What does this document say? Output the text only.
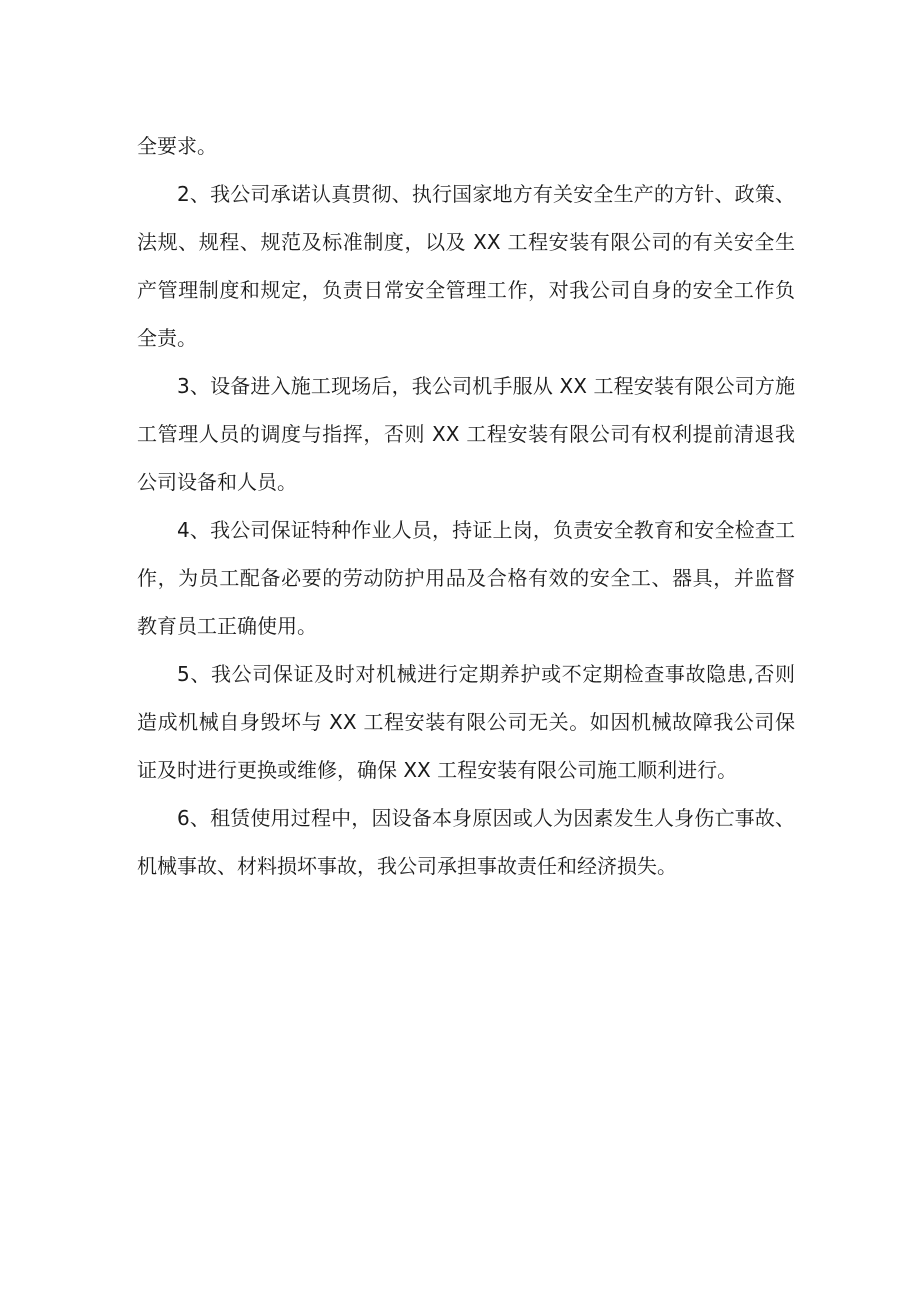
全要求。

2、我公司承诺认真贯彻、执行国家地方有关安全生产的方针、政策、法规、规程、规范及标准制度，以及 XX 工程安装有限公司的有关安全生产管理制度和规定，负责日常安全管理工作，对我公司自身的安全工作负全责。

3、设备进入施工现场后，我公司机手服从 XX 工程安装有限公司方施工管理人员的调度与指挥，否则 XX 工程安装有限公司有权利提前清退我公司设备和人员。

4、我公司保证特种作业人员，持证上岗，负责安全教育和安全检查工作，为员工配备必要的劳动防护用品及合格有效的安全工、器具，并监督教育员工正确使用。

5、我公司保证及时对机械进行定期养护或不定期检查事故隐患,否则造成机械自身毁坏与 XX 工程安装有限公司无关。如因机械故障我公司保证及时进行更换或维修，确保 XX 工程安装有限公司施工顺利进行。

6、租赁使用过程中，因设备本身原因或人为因素发生人身伤亡事故、机械事故、材料损坏事故，我公司承担事故责任和经济损失。
